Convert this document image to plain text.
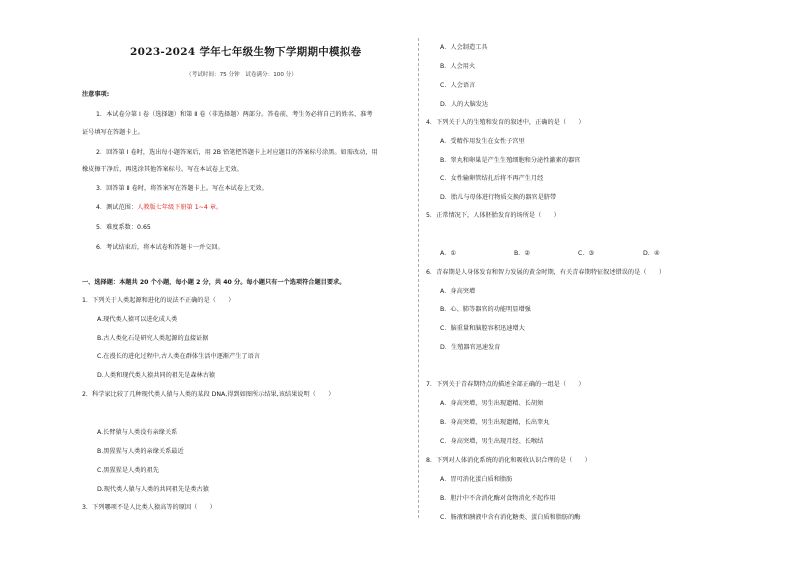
2023-2024 学年七年级生物下学期期中模拟卷
（考试时间：75 分钟　试卷满分：100 分）
注意事项:
1．本试卷分第 Ⅰ 卷（选择题）和第 Ⅱ 卷（非选择题）两部分。答卷前，考生务必将自己的姓名、准考
证号填写在答题卡上。
2．回答第 Ⅰ 卷时，选出每小题答案后，用 2B 铅笔把答题卡上对应题目的答案标号涂黑。如需改动，用
橡皮擦干净后，再选涂其他答案标号。写在本试卷上无效。
3．回答第 Ⅱ 卷时，将答案写在答题卡上。写在本试卷上无效。
4．测试范围：人教版七年级下册第 1~4 章。
5．难度系数：0.65
6．考试结束后，将本试卷和答题卡一并交回。
一、选择题：本题共 20 个小题，每小题 2 分，共 40 分。每小题只有一个选项符合题目要求。
1．下列关于人类起源和进化的说法不正确的是（　　）
A.现代类人猿可以进化成人类
B.古人类化石是研究人类起源的直接证据
C.在漫长的进化过程中,古人类在群体生活中逐渐产生了语言
D.人类和现代类人猿共同的祖先是森林古猿
2．科学家比较了几种现代类人猿与人类的某段 DNA,得到如图所示结果,该结果说明（　　）
A.长臂猿与人类没有亲缘关系
B.黑猩猩与人类的亲缘关系最近
C.黑猩猩是人类的祖先
D.现代类人猿与人类的共同祖先是类古猿
3．下列哪项不是人比类人猿高等的原因（　　）
A．人会制造工具
B．人会用火
C．人会语言
D．人的大脑发达
4．下列关于人的生殖和发育的叙述中，正确的是（　　）
A．受精作用发生在女性子宫里
B．睾丸和卵巢是产生生殖细胞和分泌性激素的器官
C．女性输卵管结扎后将不再产生月经
D．胎儿与母体进行物质交换的器官是脐带
5．正常情况下，人体胚胎发育的场所是（　　）
A．①	B．②	C．③	D．④
6．青春期是人身体发育和智力发展的黄金时期，有关青春期特征叙述错误的是（　　）
A．身高突增
B．心、肺等器官的功能明显增强
C．脑重量和脑腔容积迅速增大
D．生殖器官迅速发育
7．下列关于青春期特点的描述全部正确的一组是（　　）
A．身高突增，男生出现遗精、长胡须
B．身高突增，男生出现遗精，长出睾丸
C．身高突增，男生出现月经、长喉结
8．下列对人体消化系统的消化和吸收认识合理的是（　　）
A．胃可消化蛋白质和脂肪
B．胆汁中不含消化酶对食物消化不起作用
C．肠液和胰液中含有消化糖类、蛋白质和脂肪的酶
